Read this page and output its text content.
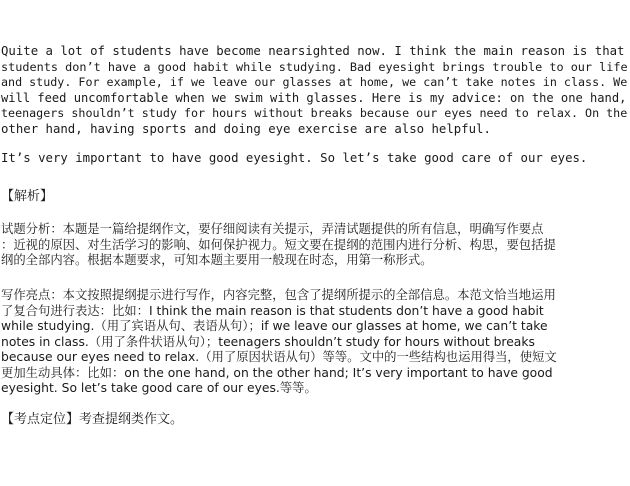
Quite a lot of students have become nearsighted now. I think the main reason is that
students don’t have a good habit while studying. Bad eyesight brings trouble to our life
and study. For example, if we leave our glasses at home, we can’t take notes in class. We
will feed uncomfortable when we swim with glasses. Here is my advice: on the one hand,
teenagers shouldn’t study for hours without breaks because our eyes need to relax. On the
other hand, having sports and doing eye exercise are also helpful.
It’s very important to have good eyesight. So let’s take good care of our eyes.
【解析】
试题分析：本题是一篇给提纲作文，要仔细阅读有关提示，弄清试题提供的所有信息，明确写作要点
：近视的原因、对生活学习的影响、如何保护视力。短文要在提纲的范围内进行分析、构思，要包括提
纲的全部内容。根据本题要求，可知本题主要用一般现在时态，用第一称形式。
写作亮点：本文按照提纲提示进行写作，内容完整，包含了提纲所提示的全部信息。本范文恰当地运用
了复合句进行表达：比如：I think the main reason is that students don’t have a good habit
while studying.（用了宾语从句、表语从句）；if we leave our glasses at home, we can’t take
notes in class.（用了条件状语从句）；teenagers shouldn’t study for hours without breaks
because our eyes need to relax.（用了原因状语从句）等等。文中的一些结构也运用得当，使短文
更加生动具体：比如：on the one hand, on the other hand; It’s very important to have good
eyesight. So let’s take good care of our eyes.等等。
【考点定位】考查提纲类作文。
